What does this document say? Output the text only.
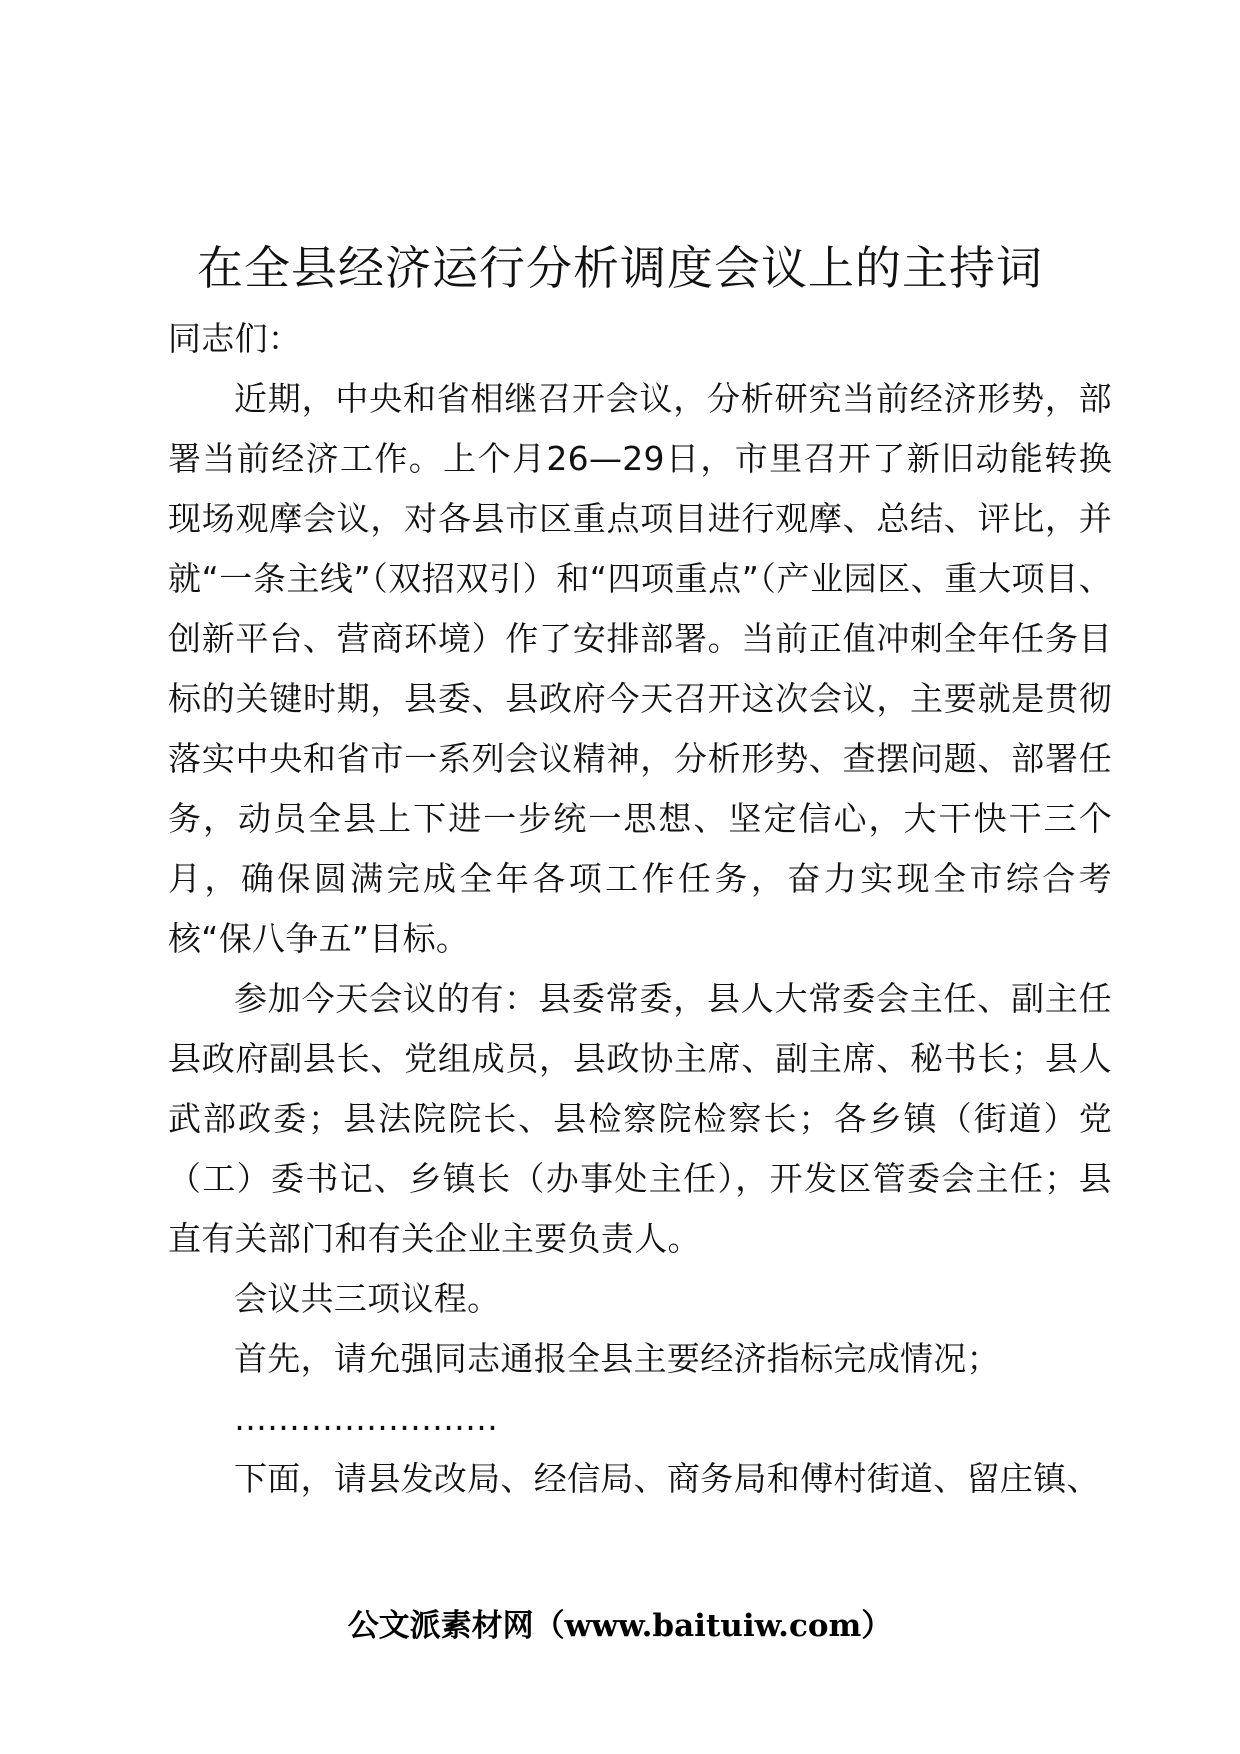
在全县经济运行分析调度会议上的主持词

同志们：

近期，中央和省相继召开会议，分析研究当前经济形势，部署当前经济工作。上个月26—29日，市里召开了新旧动能转换现场观摩会议，对各县市区重点项目进行观摩、总结、评比，并就“一条主线”（双招双引）和“四项重点”（产业园区、重大项目、创新平台、营商环境）作了安排部署。当前正值冲刺全年任务目标的关键时期，县委、县政府今天召开这次会议，主要就是贯彻落实中央和省市一系列会议精神，分析形势、查摆问题、部署任务，动员全县上下进一步统一思想、坚定信心，大干快干三个月，确保圆满完成全年各项工作任务，奋力实现全市综合考核“保八争五”目标。

参加今天会议的有：县委常委，县人大常委会主任、副主任县政府副县长、党组成员，县政协主席、副主席、秘书长；县人武部政委；县法院院长、县检察院检察长；各乡镇（街道）党（工）委书记、乡镇长（办事处主任），开发区管委会主任；县直有关部门和有关企业主要负责人。

会议共三项议程。

首先，请允强同志通报全县主要经济指标完成情况；

……………………

下面，请县发改局、经信局、商务局和傅村街道、留庄镇、

公文派素材网（www.baituiw.com）
